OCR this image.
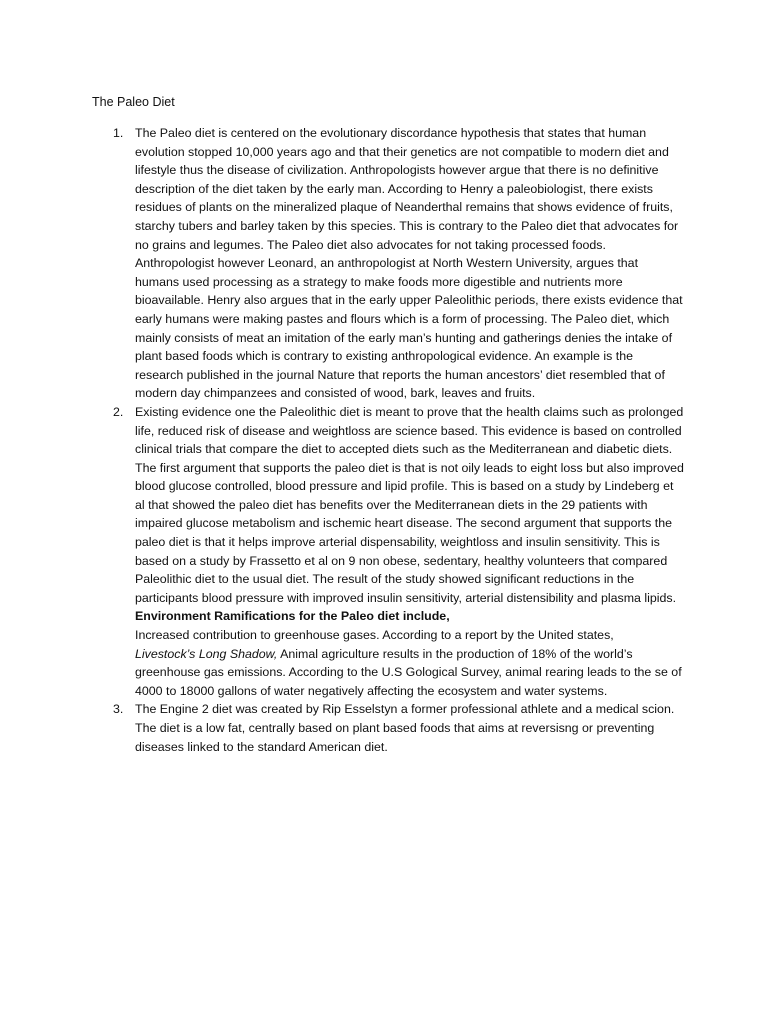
The Paleo Diet
1. The Paleo diet is centered on the evolutionary discordance hypothesis that states that human evolution stopped 10,000 years ago and that their genetics are not compatible to modern diet and lifestyle thus the disease of civilization. Anthropologists however argue that there is no definitive description of the diet taken by the early man. According to Henry a paleobiologist, there exists residues of plants on the mineralized plaque of Neanderthal remains that shows evidence of fruits, starchy tubers and barley taken by this species. This is contrary to the Paleo diet that advocates for no grains and legumes. The Paleo diet also advocates for not taking processed foods. Anthropologist however Leonard, an anthropologist at North Western University, argues that humans used processing as a strategy to make foods more digestible and nutrients more bioavailable. Henry also argues that in the early upper Paleolithic periods, there exists evidence that early humans were making pastes and flours which is a form of processing. The Paleo diet, which mainly consists of meat an imitation of the early man’s hunting and gatherings denies the intake of plant based foods which is contrary to existing anthropological evidence. An example is the research published in the journal Nature that reports the human ancestors’ diet resembled that of modern day chimpanzees and consisted of wood, bark, leaves and fruits.

2. Existing evidence one the Paleolithic diet is meant to prove that the health claims such as prolonged life, reduced risk of disease and weightloss are science based. This evidence is based on controlled clinical trials that compare the diet to accepted diets such as the Mediterranean and diabetic diets. The first argument that supports the paleo diet is that is not oily leads to eight loss but also improved blood glucose controlled, blood pressure and lipid profile. This is based on a study by Lindeberg et al that showed the paleo diet has benefits over the Mediterranean diets in the 29 patients with impaired glucose metabolism and ischemic heart disease. The second argument that supports the paleo diet is that it helps improve arterial dispensability, weightloss and insulin sensitivity. This is based on a study by Frassetto et al on 9 non obese, sedentary, healthy volunteers that compared Paleolithic diet to the usual diet. The result of the study showed significant reductions in the participants blood pressure with improved insulin sensitivity, arterial distensibility and plasma lipids.

Environment Ramifications for the Paleo diet include,

Increased contribution to greenhouse gases. According to a report by the United states,
Livestock’s Long Shadow, Animal agriculture results in the production of 18% of the world’s greenhouse gas emissions. According to the U.S Gological Survey, animal rearing leads to the se of 4000 to 18000 gallons of water negatively affecting the ecosystem and water systems.

3. The Engine 2 diet was created by Rip Esselstyn a former professional athlete and a medical scion. The diet is a low fat, centrally based on plant based foods that aims at reversisng or preventing diseases linked to the standard American diet.
